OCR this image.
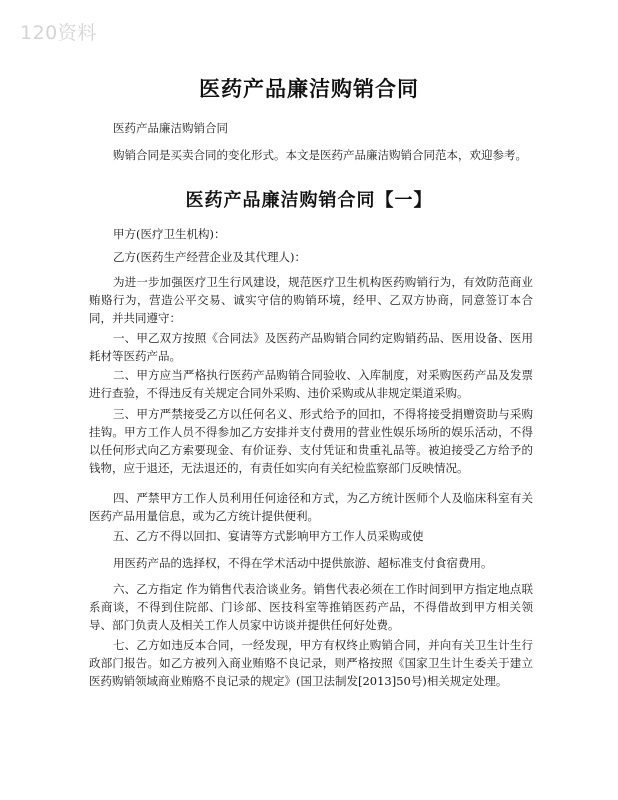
120资料
医药产品廉洁购销合同

医药产品廉洁购销合同

购销合同是买卖合同的变化形式。本文是医药产品廉洁购销合同范本，欢迎参考。

医药产品廉洁购销合同【一】

甲方(医疗卫生机构)：

乙方(医药生产经营企业及其代理人)：

为进一步加强医疗卫生行风建设，规范医疗卫生机构医药购销行为，有效防范商业贿赂行为，营造公平交易、诚实守信的购销环境，经甲、乙双方协商，同意签订本合同，并共同遵守：

一、甲乙双方按照《合同法》及医药产品购销合同约定购销药品、医用设备、医用耗材等医药产品。

二、甲方应当严格执行医药产品购销合同验收、入库制度，对采购医药产品及发票进行查验，不得违反有关规定合同外采购、违价采购或从非规定渠道采购。

三、甲方严禁接受乙方以任何名义、形式给予的回扣，不得将接受捐赠资助与采购挂钩。甲方工作人员不得参加乙方安排并支付费用的营业性娱乐场所的娱乐活动，不得以任何形式向乙方索要现金、有价证券、支付凭证和贵重礼品等。被迫接受乙方给予的钱物，应于退还，无法退还的，有责任如实向有关纪检监察部门反映情况。

四、严禁甲方工作人员利用任何途径和方式，为乙方统计医师个人及临床科室有关医药产品用量信息，或为乙方统计提供便利。

五、乙方不得以回扣、宴请等方式影响甲方工作人员采购或使

用医药产品的选择权，不得在学术活动中提供旅游、超标准支付食宿费用。

六、乙方指定 作为销售代表洽谈业务。销售代表必须在工作时间到甲方指定地点联系商谈，不得到住院部、门诊部、医技科室等推销医药产品，不得借故到甲方相关领导、部门负责人及相关工作人员家中访谈并提供任何好处费。

七、乙方如违反本合同，一经发现，甲方有权终止购销合同，并向有关卫生计生行政部门报告。如乙方被列入商业贿赂不良记录，则严格按照《国家卫生计生委关于建立医药购销领域商业贿赂不良记录的规定》(国卫法制发[2013]50号)相关规定处理。
